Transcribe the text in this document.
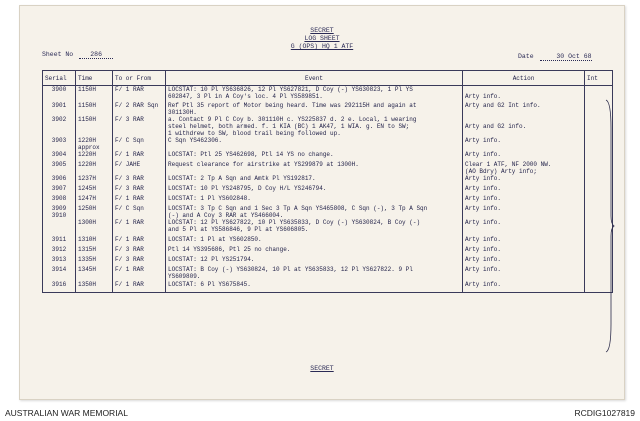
SECRET
LOG SHEET
G (OPS) HQ 1 ATF
Sheet No	286	Date	30 Oct 68
Serial	Time	To or From	Event	Action	Int
3900	1150H	F/ 1 RAR	LOCSTAT: 10 Pl YS636826, 12 Pl YS627821, D Coy (-) YS630823, 1 Pl YS
602847, 3 Pl in A Coy's loc. 4 Pl YS589851.	
Arty info.	
3901	1150H	F/ 2 RAR Sqn	Ref Ptl 35 report of Motor being heard. Time was 292115H and again at
301130H.	Arty and G2 Int info.	
3902	1150H	F/ 3 RAR	a. Contact 9 Pl C Coy b. 301110H c. YS225837 d. 2 e. Local, 1 wearing
steel helmet, both armed. f. 1 KIA (BC) 1 AK47, 1 WIA. g. EN to SW;
1 withdrew to SW, blood trail being followed up.	
Arty and G2 info.	
3903	1220H
approx	F/ C Sqn	C Sqn YS462306.	Arty info.	
3904	1220H	F/ 1 RAR	LOCSTAT: Ptl 25 YS462698, Ptl 14 YS no change.	Arty info.	
3905	1220H	F/ JAHE	Request clearance for airstrike at YS299879 at 1300H.	Clear 1 ATF, NF 2000 NW.
(AO Bdry) Arty info;	
3906	1237H	F/ 3 RAR	LOCSTAT: 2 Tp A Sqn and Amtk Pl YS192817.	Arty info.	
3907	1245H	F/ 3 RAR	LOCSTAT: 10 Pl YS248795, D Coy H/L YS246794.	Arty info.	
3908	1247H	F/ 1 RAR	LOCSTAT: 1 Pl YS602848.	Arty info.	
3909
3910	1250H	F/ C Sqn	LOCSTAT: 3 Tp C Sqn and 1 Sec 3 Tp A Sqn YS465808, C Sqn (-), 3 Tp A Sqn
(-) and A Coy 3 RAR at YS466004.	Arty info.	
	1300H	F/ 1 RAR	LOCSTAT: 12 Pl YS627822, 10 Pl YS635833, D Coy (-) YS630824, B Coy (-)
and 5 Pl at YS586846, 9 Pl at YS606805.	Arty info.	
3911	1310H	F/ 1 RAR	LOCSTAT: 1 Pl at YS602850.	Arty info.	
3912	1315H	F/ 3 RAR	Ptl 14 YS395686, Ptl 25 no change.	Arty info.	
3913	1335H	F/ 3 RAR	LOCSTAT: 12 Pl YS251794.	Arty info.	
3914	1345H	F/ 1 RAR	LOCSTAT: B Coy (-) YS630824, 10 Pl at YS635833, 12 Pl YS627822. 9 Pl
YS609809.	Arty info.	
3916	1350H	F/ 1 RAR	LOCSTAT: 6 Pl YS675845.	Arty info.	
SECRET
AUSTRALIAN WAR MEMORIAL	RCDIG1027819
